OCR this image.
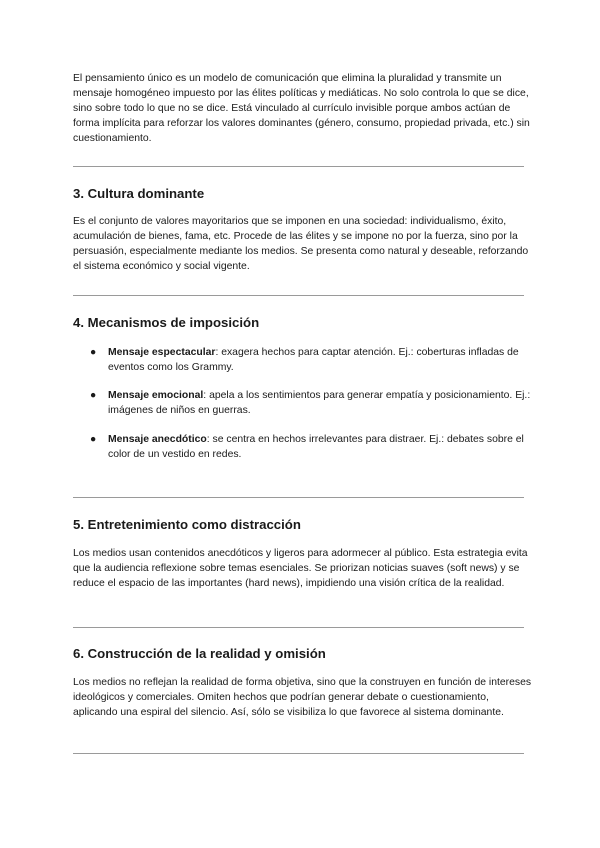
El pensamiento único es un modelo de comunicación que elimina la pluralidad y transmite un mensaje homogéneo impuesto por las élites políticas y mediáticas. No solo controla lo que se dice, sino sobre todo lo que no se dice. Está vinculado al currículo invisible porque ambos actúan de forma implícita para reforzar los valores dominantes (género, consumo, propiedad privada, etc.) sin cuestionamiento.

3. Cultura dominante

Es el conjunto de valores mayoritarios que se imponen en una sociedad: individualismo, éxito, acumulación de bienes, fama, etc. Procede de las élites y se impone no por la fuerza, sino por la persuasión, especialmente mediante los medios. Se presenta como natural y deseable, reforzando el sistema económico y social vigente.

4. Mecanismos de imposición
● Mensaje espectacular: exagera hechos para captar atención. Ej.: coberturas infladas de eventos como los Grammy.
● Mensaje emocional: apela a los sentimientos para generar empatía y posicionamiento. Ej.: imágenes de niños en guerras.
● Mensaje anecdótico: se centra en hechos irrelevantes para distraer. Ej.: debates sobre el color de un vestido en redes.
5. Entretenimiento como distracción

Los medios usan contenidos anecdóticos y ligeros para adormecer al público. Esta estrategia evita que la audiencia reflexione sobre temas esenciales. Se priorizan noticias suaves (soft news) y se reduce el espacio de las importantes (hard news), impidiendo una visión crítica de la realidad.

6. Construcción de la realidad y omisión

Los medios no reflejan la realidad de forma objetiva, sino que la construyen en función de intereses ideológicos y comerciales. Omiten hechos que podrían generar debate o cuestionamiento, aplicando una espiral del silencio. Así, sólo se visibiliza lo que favorece al sistema dominante.
